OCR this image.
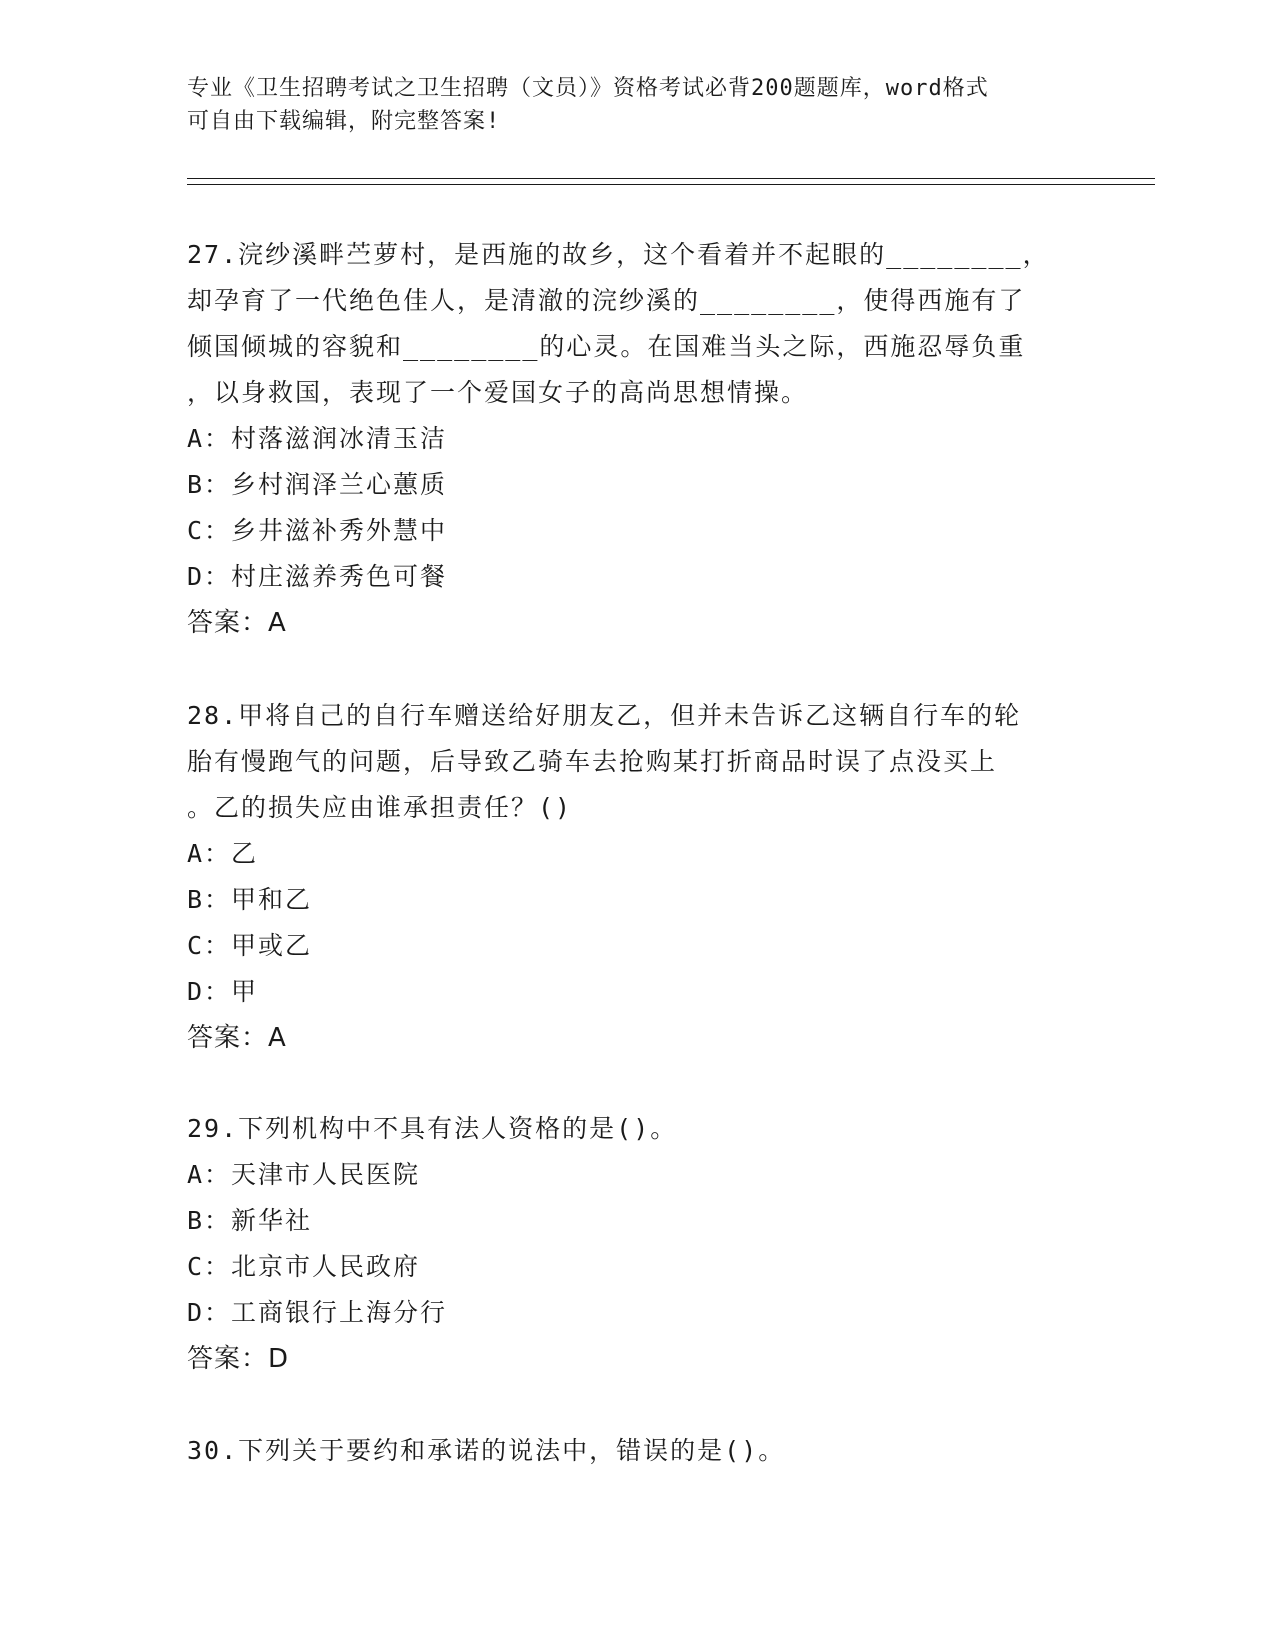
专业《卫生招聘考试之卫生招聘（文员）》资格考试必背200题题库，word格式
可自由下载编辑，附完整答案!

27.浣纱溪畔苎萝村，是西施的故乡，这个看着并不起眼的________，

却孕育了一代绝色佳人，是清澈的浣纱溪的________，使得西施有了

倾国倾城的容貌和________的心灵。在国难当头之际，西施忍辱负重

，以身救国，表现了一个爱国女子的高尚思想情操。

A：村落滋润冰清玉洁

B：乡村润泽兰心蕙质

C：乡井滋补秀外慧中

D：村庄滋养秀色可餐

答案：A

28.甲将自己的自行车赠送给好朋友乙，但并未告诉乙这辆自行车的轮

胎有慢跑气的问题，后导致乙骑车去抢购某打折商品时误了点没买上

。乙的损失应由谁承担责任？()

A：乙

B：甲和乙

C：甲或乙

D：甲

答案：A

29.下列机构中不具有法人资格的是()。

A：天津市人民医院

B：新华社

C：北京市人民政府

D：工商银行上海分行

答案：D

30.下列关于要约和承诺的说法中，错误的是()。
